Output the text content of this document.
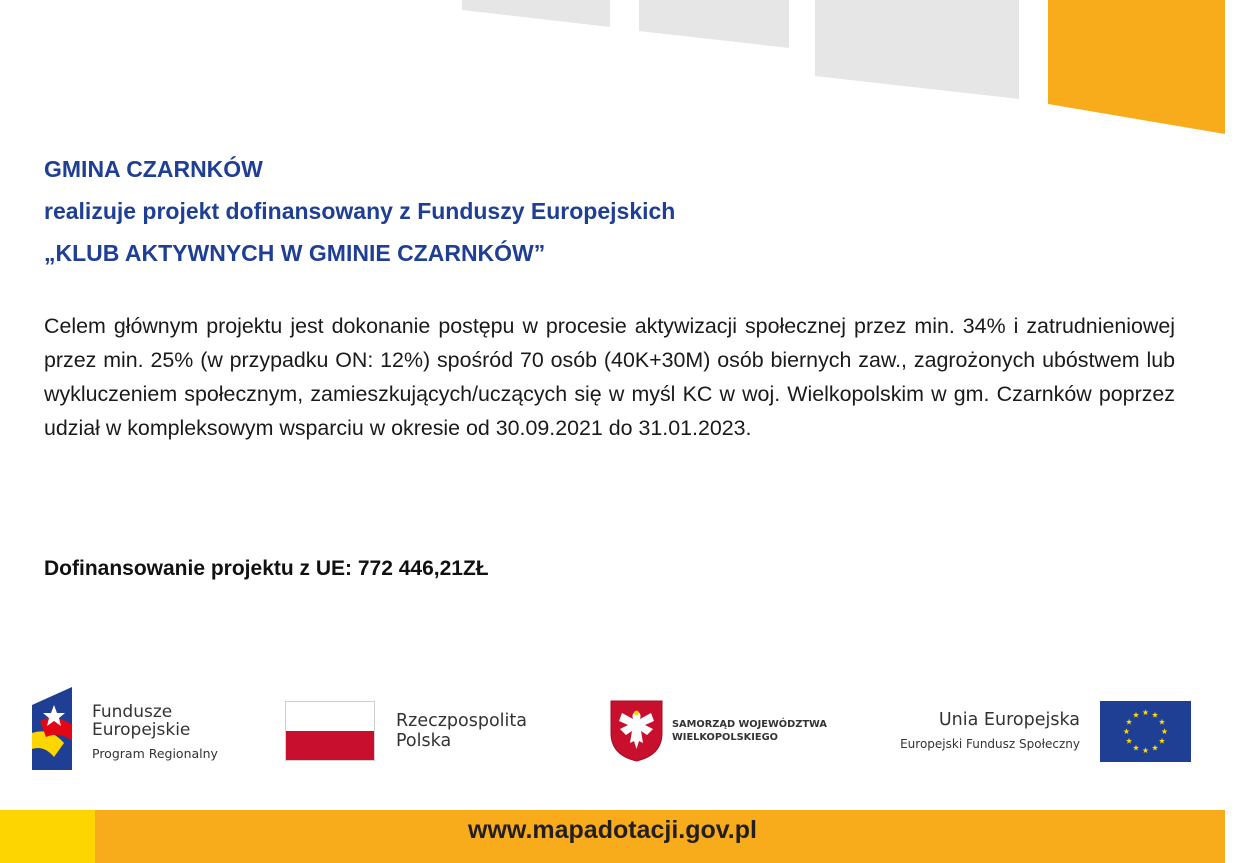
GMINA CZARNKÓW
realizuje projekt dofinansowany z Funduszy Europejskich
„KLUB AKTYWNYCH W GMINIE CZARNKÓW”
Celem głównym projektu jest dokonanie postępu w procesie aktywizacji społecznej przez min. 34% i zatrudnieniowej przez min. 25% (w przypadku ON: 12%) spośród 70 osób (40K+30M) osób biernych zaw., zagrożonych ubóstwem lub wykluczeniem społecznym, zamieszkujących/uczących się w myśl KC w woj. Wielkopolskim w gm. Czarnków poprzez udział w kompleksowym wsparciu w okresie od 30.09.2021 do 31.01.2023.
Dofinansowanie projektu z UE: 772 446,21ZŁ
Fundusze
Europejskie
Program Regionalny
Rzeczpospolita
Polska
SAMORZĄD WOJEWÓDZTWA
WIELKOPOLSKIEGO
Unia Europejska
Europejski Fundusz Społeczny
www.mapadotacji.gov.pl
